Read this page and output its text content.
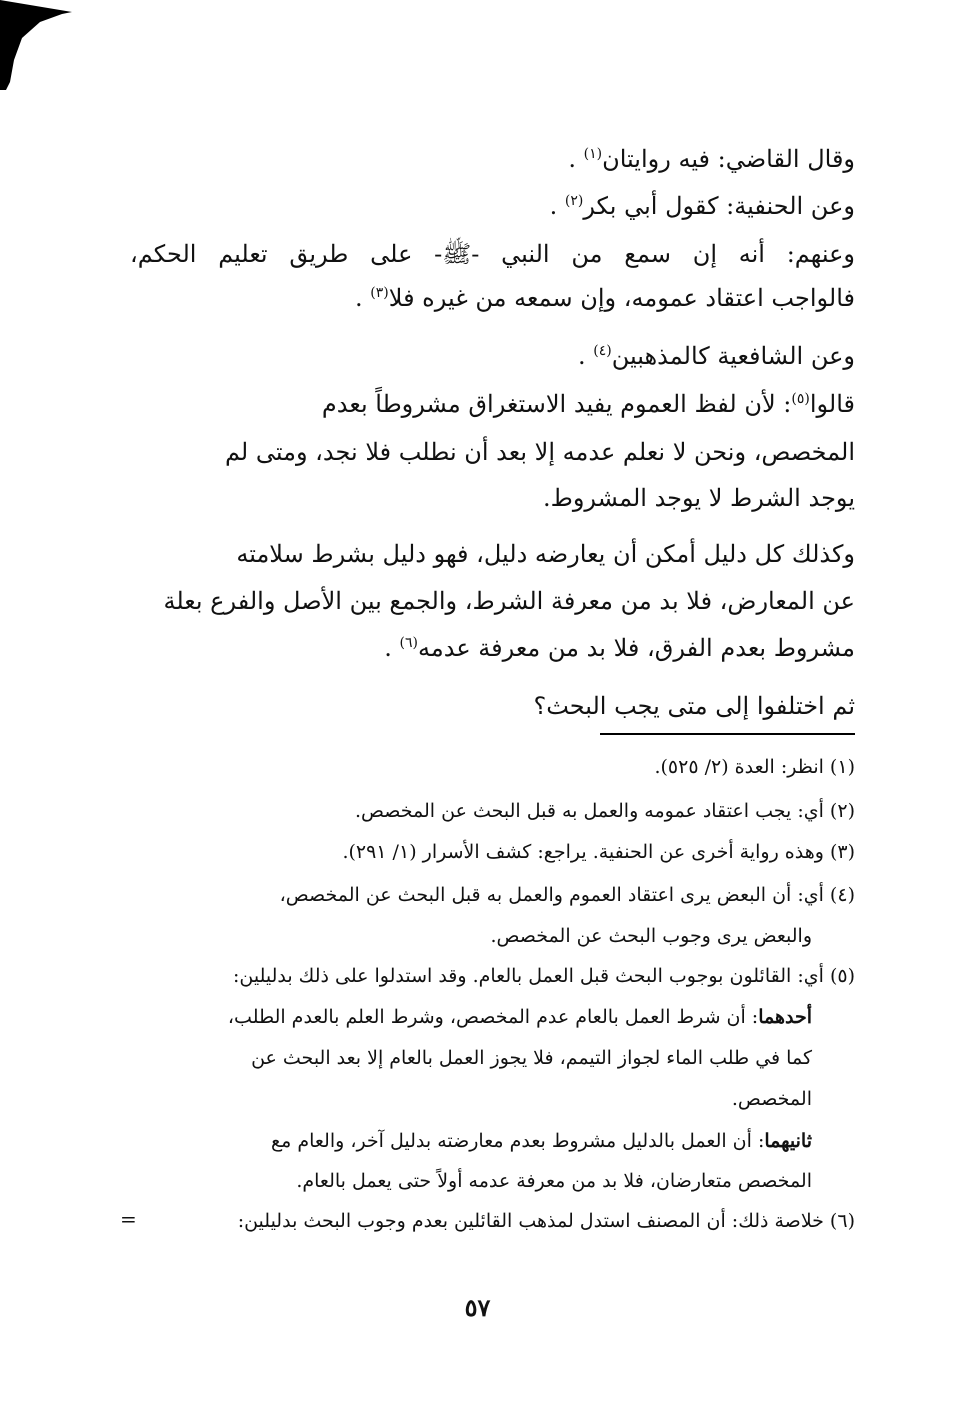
وقال القاضي: فيه روايتان$^{(١)}$ .
وعن الحنفية: كقول أبي بكر$^{(٢)}$ .
وعنهم: أنه إن سمع من النبي -ﷺ- على طريق تعليم الحكم،
فالواجب اعتقاد عمومه، وإن سمعه من غيره فلا$^{(٣)}$ .
وعن الشافعية كالمذهبين$^{(٤)}$ .
قالوا$^{(٥)}$: لأن لفظ العموم يفيد الاستغراق مشروطاً بعدم
المخصص، ونحن لا نعلم عدمه إلا بعد أن نطلب فلا نجد، ومتى لم
يوجد الشرط لا يوجد المشروط.
وكذلك كل دليل أمكن أن يعارضه دليل، فهو دليل بشرط سلامته
عن المعارض، فلا بد من معرفة الشرط، والجمع بين الأصل والفرع بعلة
مشروط بعدم الفرق، فلا بد من معرفة عدمه$^{(٦)}$ .
ثم اختلفوا إلى متى يجب البحث؟
(١) انظر: العدة (٢/ ٥٢٥).
(٢) أي: يجب اعتقاد عمومه والعمل به قبل البحث عن المخصص.
(٣) وهذه رواية أخرى عن الحنفية. يراجع: كشف الأسرار (١/ ٢٩١).
(٤) أي: أن البعض يرى اعتقاد العموم والعمل به قبل البحث عن المخصص،
والبعض يرى وجوب البحث عن المخصص.
(٥) أي: القائلون بوجوب البحث قبل العمل بالعام. وقد استدلوا على ذلك بدليلين:
أحدهما: أن شرط العمل بالعام عدم المخصص، وشرط العلم بالعدم الطلب،
كما في طلب الماء لجواز التيمم، فلا يجوز العمل بالعام إلا بعد البحث عن
المخصص.
ثانيهما: أن العمل بالدليل مشروط بعدم معارضته بدليل آخر، والعام مع
المخصص متعارضان، فلا بد من معرفة عدمه أولاً حتى يعمل بالعام.
(٦) خلاصة ذلك: أن المصنف استدل لمذهب القائلين بعدم وجوب البحث بدليلين:
=
٥٧
